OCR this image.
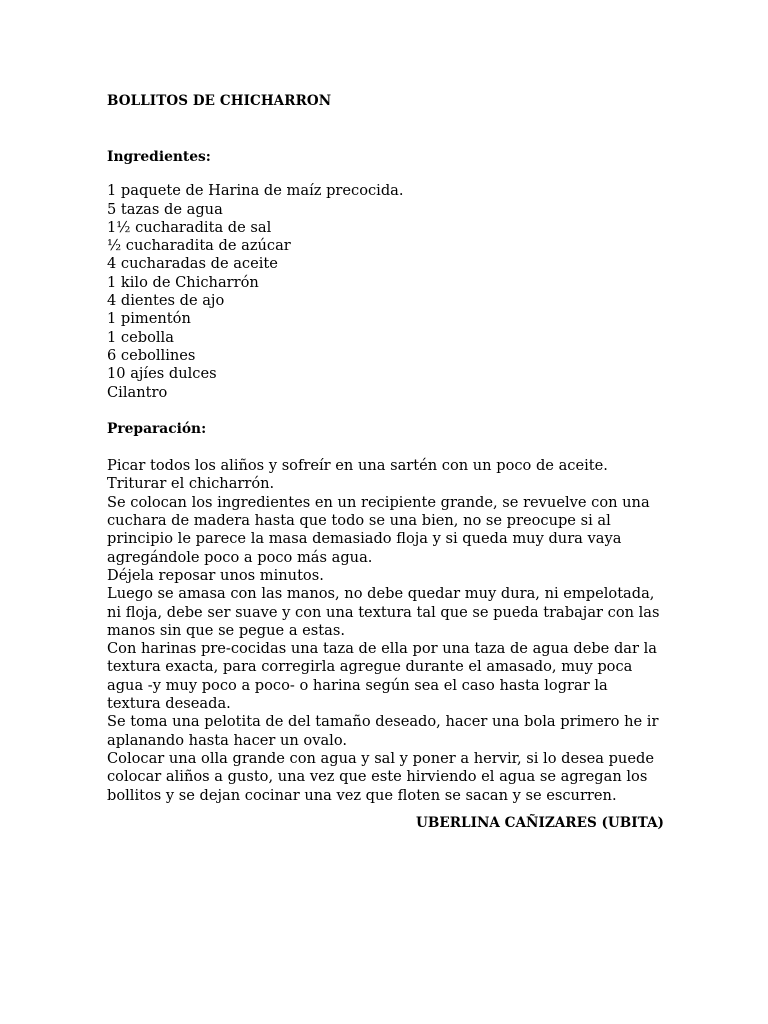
BOLLITOS DE CHICHARRON
Ingredientes:
1 paquete de Harina de maíz precocida.
5 tazas de agua
1½ cucharadita de sal
½ cucharadita de azúcar
4 cucharadas de aceite
1 kilo de Chicharrón
4 dientes de ajo
1 pimentón
1 cebolla
6 cebollines
10 ajíes dulces
Cilantro
Preparación:

Picar todos los aliños y sofreír en una sartén con un poco de aceite.

Triturar el chicharrón.

Se colocan los ingredientes en un recipiente grande, se revuelve con una cuchara de madera hasta que todo se una bien, no se preocupe si al principio le parece la masa demasiado floja y si queda muy dura vaya agregándole poco a poco más agua.

Déjela reposar unos minutos.

Luego se amasa con las manos, no debe quedar muy dura, ni empelotada, ni floja, debe ser suave y con una textura tal que se pueda trabajar con las manos sin que se pegue a estas.

Con harinas pre-cocidas una taza de ella por una taza de agua debe dar la textura exacta, para corregirla agregue durante el amasado, muy poca agua -y muy poco a poco- o harina según sea el caso hasta lograr la textura deseada.

Se toma una pelotita de del tamaño deseado, hacer una bola primero he ir aplanando hasta hacer un ovalo.

Colocar una olla grande con agua y sal y poner a hervir, si lo desea puede colocar aliños a gusto, una vez que este hirviendo el agua se agregan los bollitos y se dejan cocinar una vez que floten se sacan y se escurren.

UBERLINA CAÑIZARES (UBITA)
